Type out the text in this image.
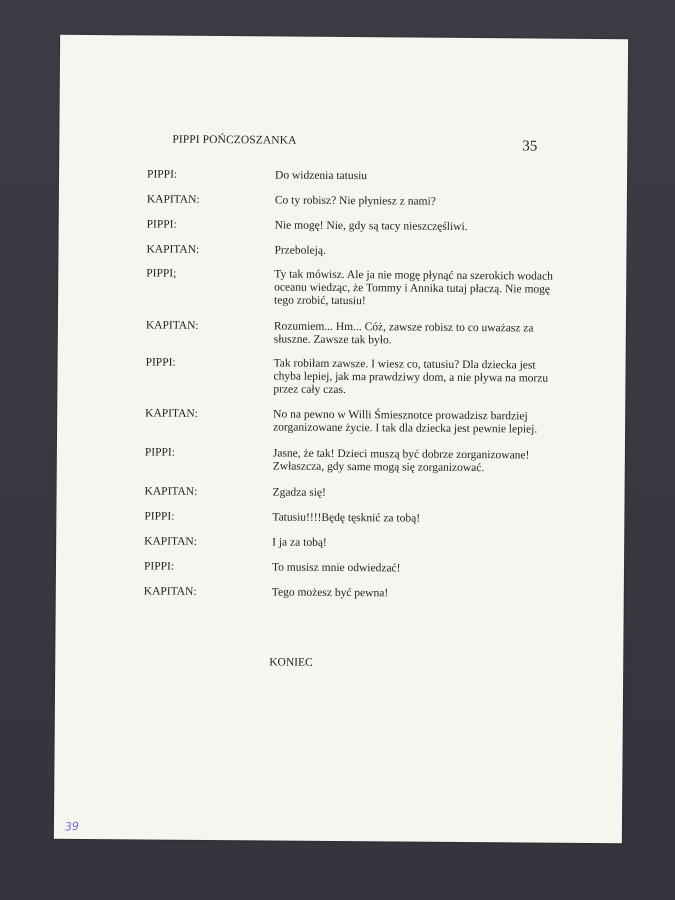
PIPPI POŃCZOSZANKA	35
PIPPI:	Do widzenia tatusiu
KAPITAN:	Co ty robisz? Nie płyniesz z nami?
PIPPI:	Nie mogę! Nie, gdy są tacy nieszczęśliwi.
KAPITAN:	Przeboleją.
PIPPI;	Ty tak mówisz. Ale ja nie mogę płynąć na szerokich wodach oceanu wiedząc, że Tommy i Annika tutaj płaczą. Nie mogę tego zrobić, tatusiu!
KAPITAN:	Rozumiem... Hm... Cóż, zawsze robisz to co uważasz za słuszne. Zawsze tak było.
PIPPI:	Tak robiłam zawsze. I wiesz co, tatusiu? Dla dziecka jest chyba lepiej, jak ma prawdziwy dom, a nie pływa na morzu przez cały czas.
KAPITAN:	No na pewno w Willi Śmiesznotce prowadzisz bardziej zorganizowane życie. I tak dla dziecka jest pewnie lepiej.
PIPPI:	Jasne, że tak! Dzieci muszą być dobrze zorganizowane! Zwłaszcza, gdy same mogą się zorganizować.
KAPITAN:	Zgadza się!
PIPPI:	Tatusiu!!!!Będę tęsknić za tobą!
KAPITAN:	I ja za tobą!
PIPPI:	To musisz mnie odwiedzać!
KAPITAN:	Tego możesz być pewna!
KONIEC
39
